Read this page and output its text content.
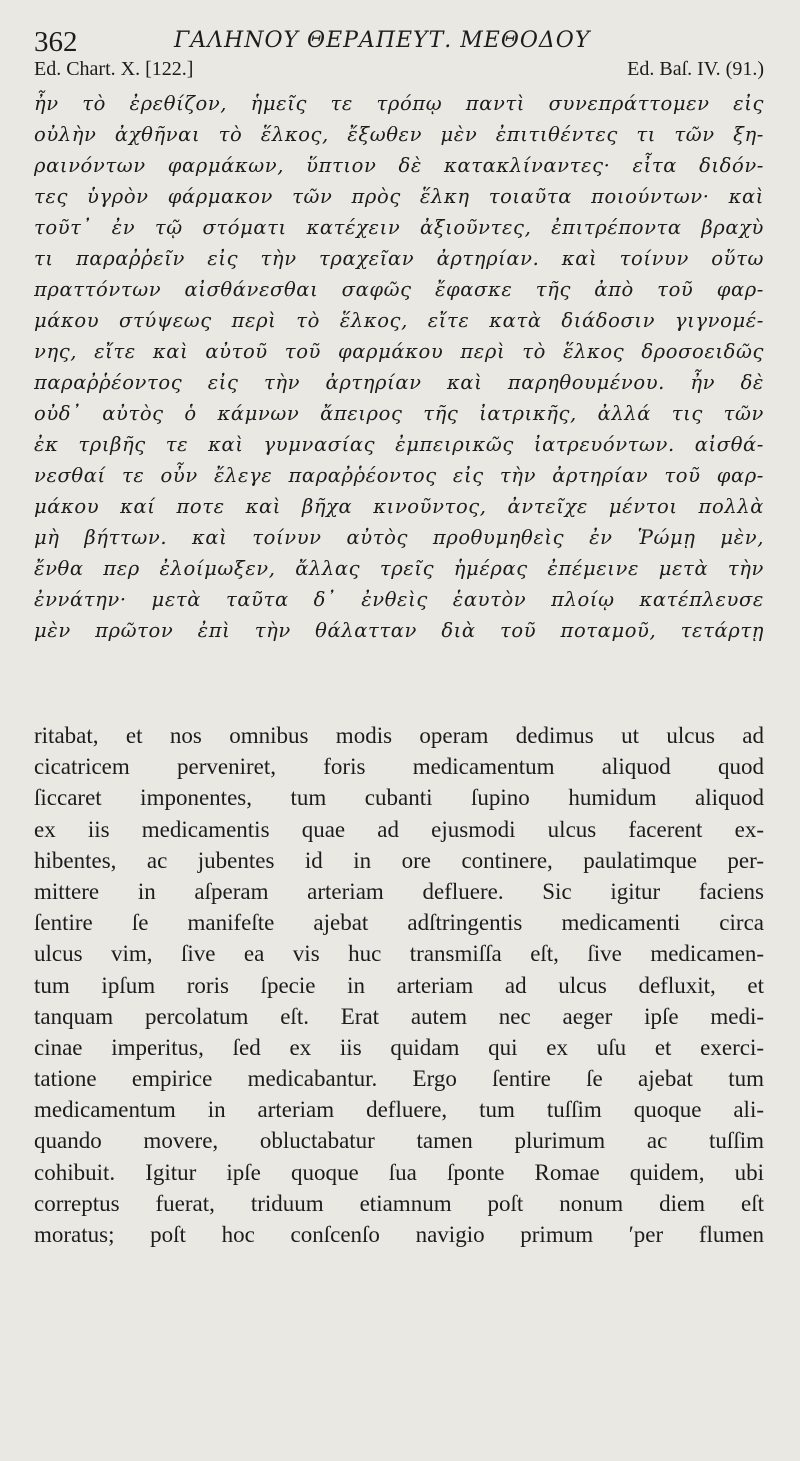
362	ΓΑΛΗΝΟΥ ΘΕΡΑΠΕΥΤ. ΜΕΘΟΔΟΥ
Ed. Chart. X. [122.]	Ed. Baſ. IV. (91.)
ἦν τὸ ἐρεθίζον, ἡμεῖς τε τρόπῳ παντὶ συνεπράττομεν εἰς
οὐλὴν ἀχθῆναι τὸ ἕλκος, ἔξωθεν μὲν ἐπιτιθέντες τι τῶν ξη-
ραινόντων φαρμάκων, ὕπτιον δὲ κατακλίναντες· εἶτα διδόν-
τες ὑγρὸν φάρμακον τῶν πρὸς ἕλκη τοιαῦτα ποιούντων· καὶ
τοῦτ᾽ ἐν τῷ στόματι κατέχειν ἀξιοῦντες, ἐπιτρέποντα βραχὺ
τι παραῤῥεῖν εἰς τὴν τραχεῖαν ἀρτηρίαν. καὶ τοίνυν οὕτω
πραττόντων αἰσθάνεσθαι σαφῶς ἔφασκε τῆς ἀπὸ τοῦ φαρ-
μάκου στύψεως περὶ τὸ ἕλκος, εἴτε κατὰ διάδοσιν γιγνομέ-
νης, εἴτε καὶ αὐτοῦ τοῦ φαρμάκου περὶ τὸ ἕλκος δροσοειδῶς
παραῤῥέοντος εἰς τὴν ἀρτηρίαν καὶ παρηθουμένου. ἦν δὲ
οὐδ᾽ αὐτὸς ὁ κάμνων ἄπειρος τῆς ἰατρικῆς, ἀλλά τις τῶν
ἐκ τριβῆς τε καὶ γυμνασίας ἐμπειρικῶς ἰατρευόντων. αἰσθά-
νεσθαί τε οὖν ἔλεγε παραῤῥέοντος εἰς τὴν ἀρτηρίαν τοῦ φαρ-
μάκου καί ποτε καὶ βῆχα κινοῦντος, ἀντεῖχε μέντοι πολλὰ
μὴ βήττων. καὶ τοίνυν αὐτὸς προθυμηθεὶς ἐν Ῥώμῃ μὲν,
ἔνθα περ ἐλοίμωξεν, ἄλλας τρεῖς ἡμέρας ἐπέμεινε μετὰ τὴν
ἐννάτην· μετὰ ταῦτα δ᾽ ἐνθεὶς ἑαυτὸν πλοίῳ κατέπλευσε
μὲν πρῶτον ἐπὶ τὴν θάλατταν διὰ τοῦ ποταμοῦ, τετάρτῃ
ritabat, et nos omnibus modis operam dedimus ut ulcus ad
cicatricem perveniret, foris medicamentum aliquod quod
ſiccaret imponentes, tum cubanti ſupino humidum aliquod
ex iis medicamentis quae ad ejusmodi ulcus facerent ex-
hibentes, ac jubentes id in ore continere, paulatimque per-
mittere in aſperam arteriam defluere. Sic igitur faciens
ſentire ſe manifeſte ajebat adſtringentis medicamenti circa
ulcus vim, ſive ea vis huc transmiſſa eſt, ſive medicamen-
tum ipſum roris ſpecie in arteriam ad ulcus defluxit, et
tanquam percolatum eſt. Erat autem nec aeger ipſe medi-
cinae imperitus, ſed ex iis quidam qui ex uſu et exerci-
tatione empirice medicabantur. Ergo ſentire ſe ajebat tum
medicamentum in arteriam defluere, tum tuſſim quoque ali-
quando movere, obluctabatur tamen plurimum ac tuſſim
cohibuit. Igitur ipſe quoque ſua ſponte Romae quidem, ubi
correptus fuerat, triduum etiamnum poſt nonum diem eſt
moratus; poſt hoc conſcenſo navigio primum ʹper flumen
